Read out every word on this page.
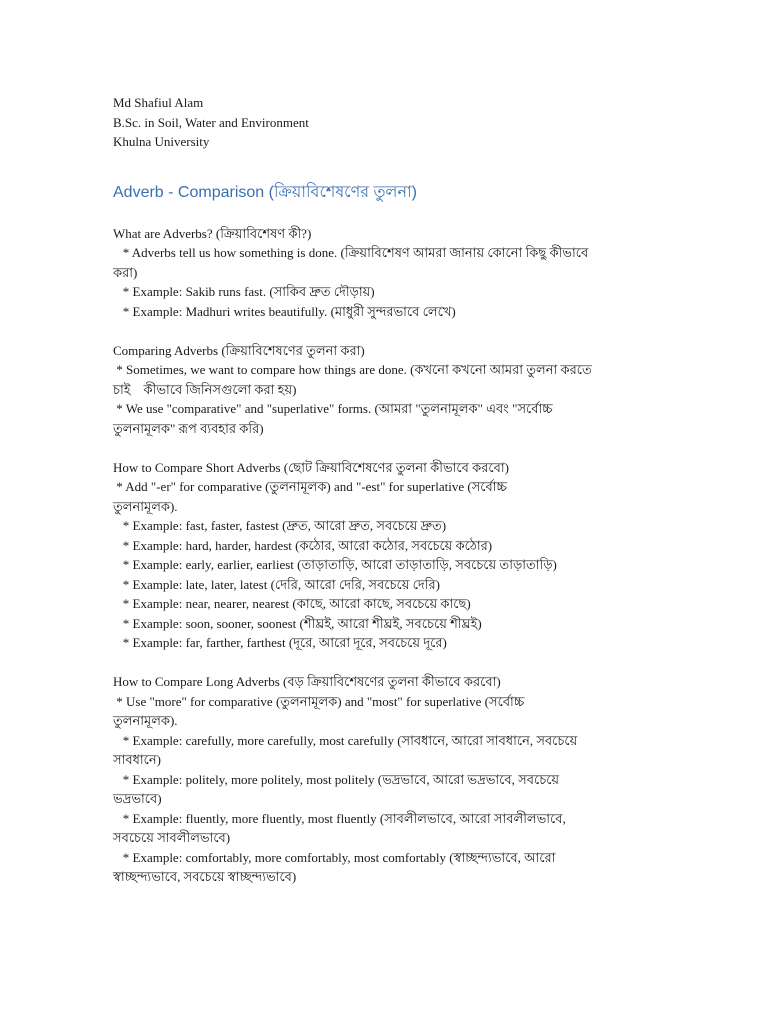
Md Shafiul Alam
B.Sc. in Soil, Water and Environment
Khulna University
Adverb - Comparison (ক্রিয়াবিশেষণের তুলনা)
What are Adverbs? (ক্রিয়াবিশেষণ কী?)
* Adverbs tell us how something is done. (ক্রিয়াবিশেষণ আমরা জানায় কোনো কিছু কীভাবে
করা)
* Example: Sakib runs fast. (সাকিব দ্রুত দৌড়ায়)
* Example: Madhuri writes beautifully. (মাধুরী সুন্দরভাবে লেখে)
Comparing Adverbs (ক্রিয়াবিশেষণের তুলনা করা)
* Sometimes, we want to compare how things are done. (কখনো কখনো আমরা তুলনা করতে
চাই    কীভাবে জিনিসগুলো করা হয়)
* We use "comparative" and "superlative" forms. (আমরা "তুলনামূলক" এবং "সর্বোচ্চ
তুলনামূলক" রূপ ব্যবহার করি)
How to Compare Short Adverbs (ছোট ক্রিয়াবিশেষণের তুলনা কীভাবে করবো)
* Add "-er" for comparative (তুলনামূলক) and "-est" for superlative (সর্বোচ্চ
তুলনামূলক).
* Example: fast, faster, fastest (দ্রুত, আরো দ্রুত, সবচেয়ে দ্রুত)
* Example: hard, harder, hardest (কঠোর, আরো কঠোর, সবচেয়ে কঠোর)
* Example: early, earlier, earliest (তাড়াতাড়ি, আরো তাড়াতাড়ি, সবচেয়ে তাড়াতাড়ি)
* Example: late, later, latest (দেরি, আরো দেরি, সবচেয়ে দেরি)
* Example: near, nearer, nearest (কাছে, আরো কাছে, সবচেয়ে কাছে)
* Example: soon, sooner, soonest (শীঘ্রই, আরো শীঘ্রই, সবচেয়ে শীঘ্রই)
* Example: far, farther, farthest (দূরে, আরো দূরে, সবচেয়ে দূরে)
How to Compare Long Adverbs (বড় ক্রিয়াবিশেষণের তুলনা কীভাবে করবো)
* Use "more" for comparative (তুলনামূলক) and "most" for superlative (সর্বোচ্চ
তুলনামূলক).
* Example: carefully, more carefully, most carefully (সাবধানে, আরো সাবধানে, সবচেয়ে
সাবধানে)
* Example: politely, more politely, most politely (ভদ্রভাবে, আরো ভদ্রভাবে, সবচেয়ে
ভদ্রভাবে)
* Example: fluently, more fluently, most fluently (সাবলীলভাবে, আরো সাবলীলভাবে,
সবচেয়ে সাবলীলভাবে)
* Example: comfortably, more comfortably, most comfortably (স্বাচ্ছন্দ্যভাবে, আরো
স্বাচ্ছন্দ্যভাবে, সবচেয়ে স্বাচ্ছন্দ্যভাবে)
